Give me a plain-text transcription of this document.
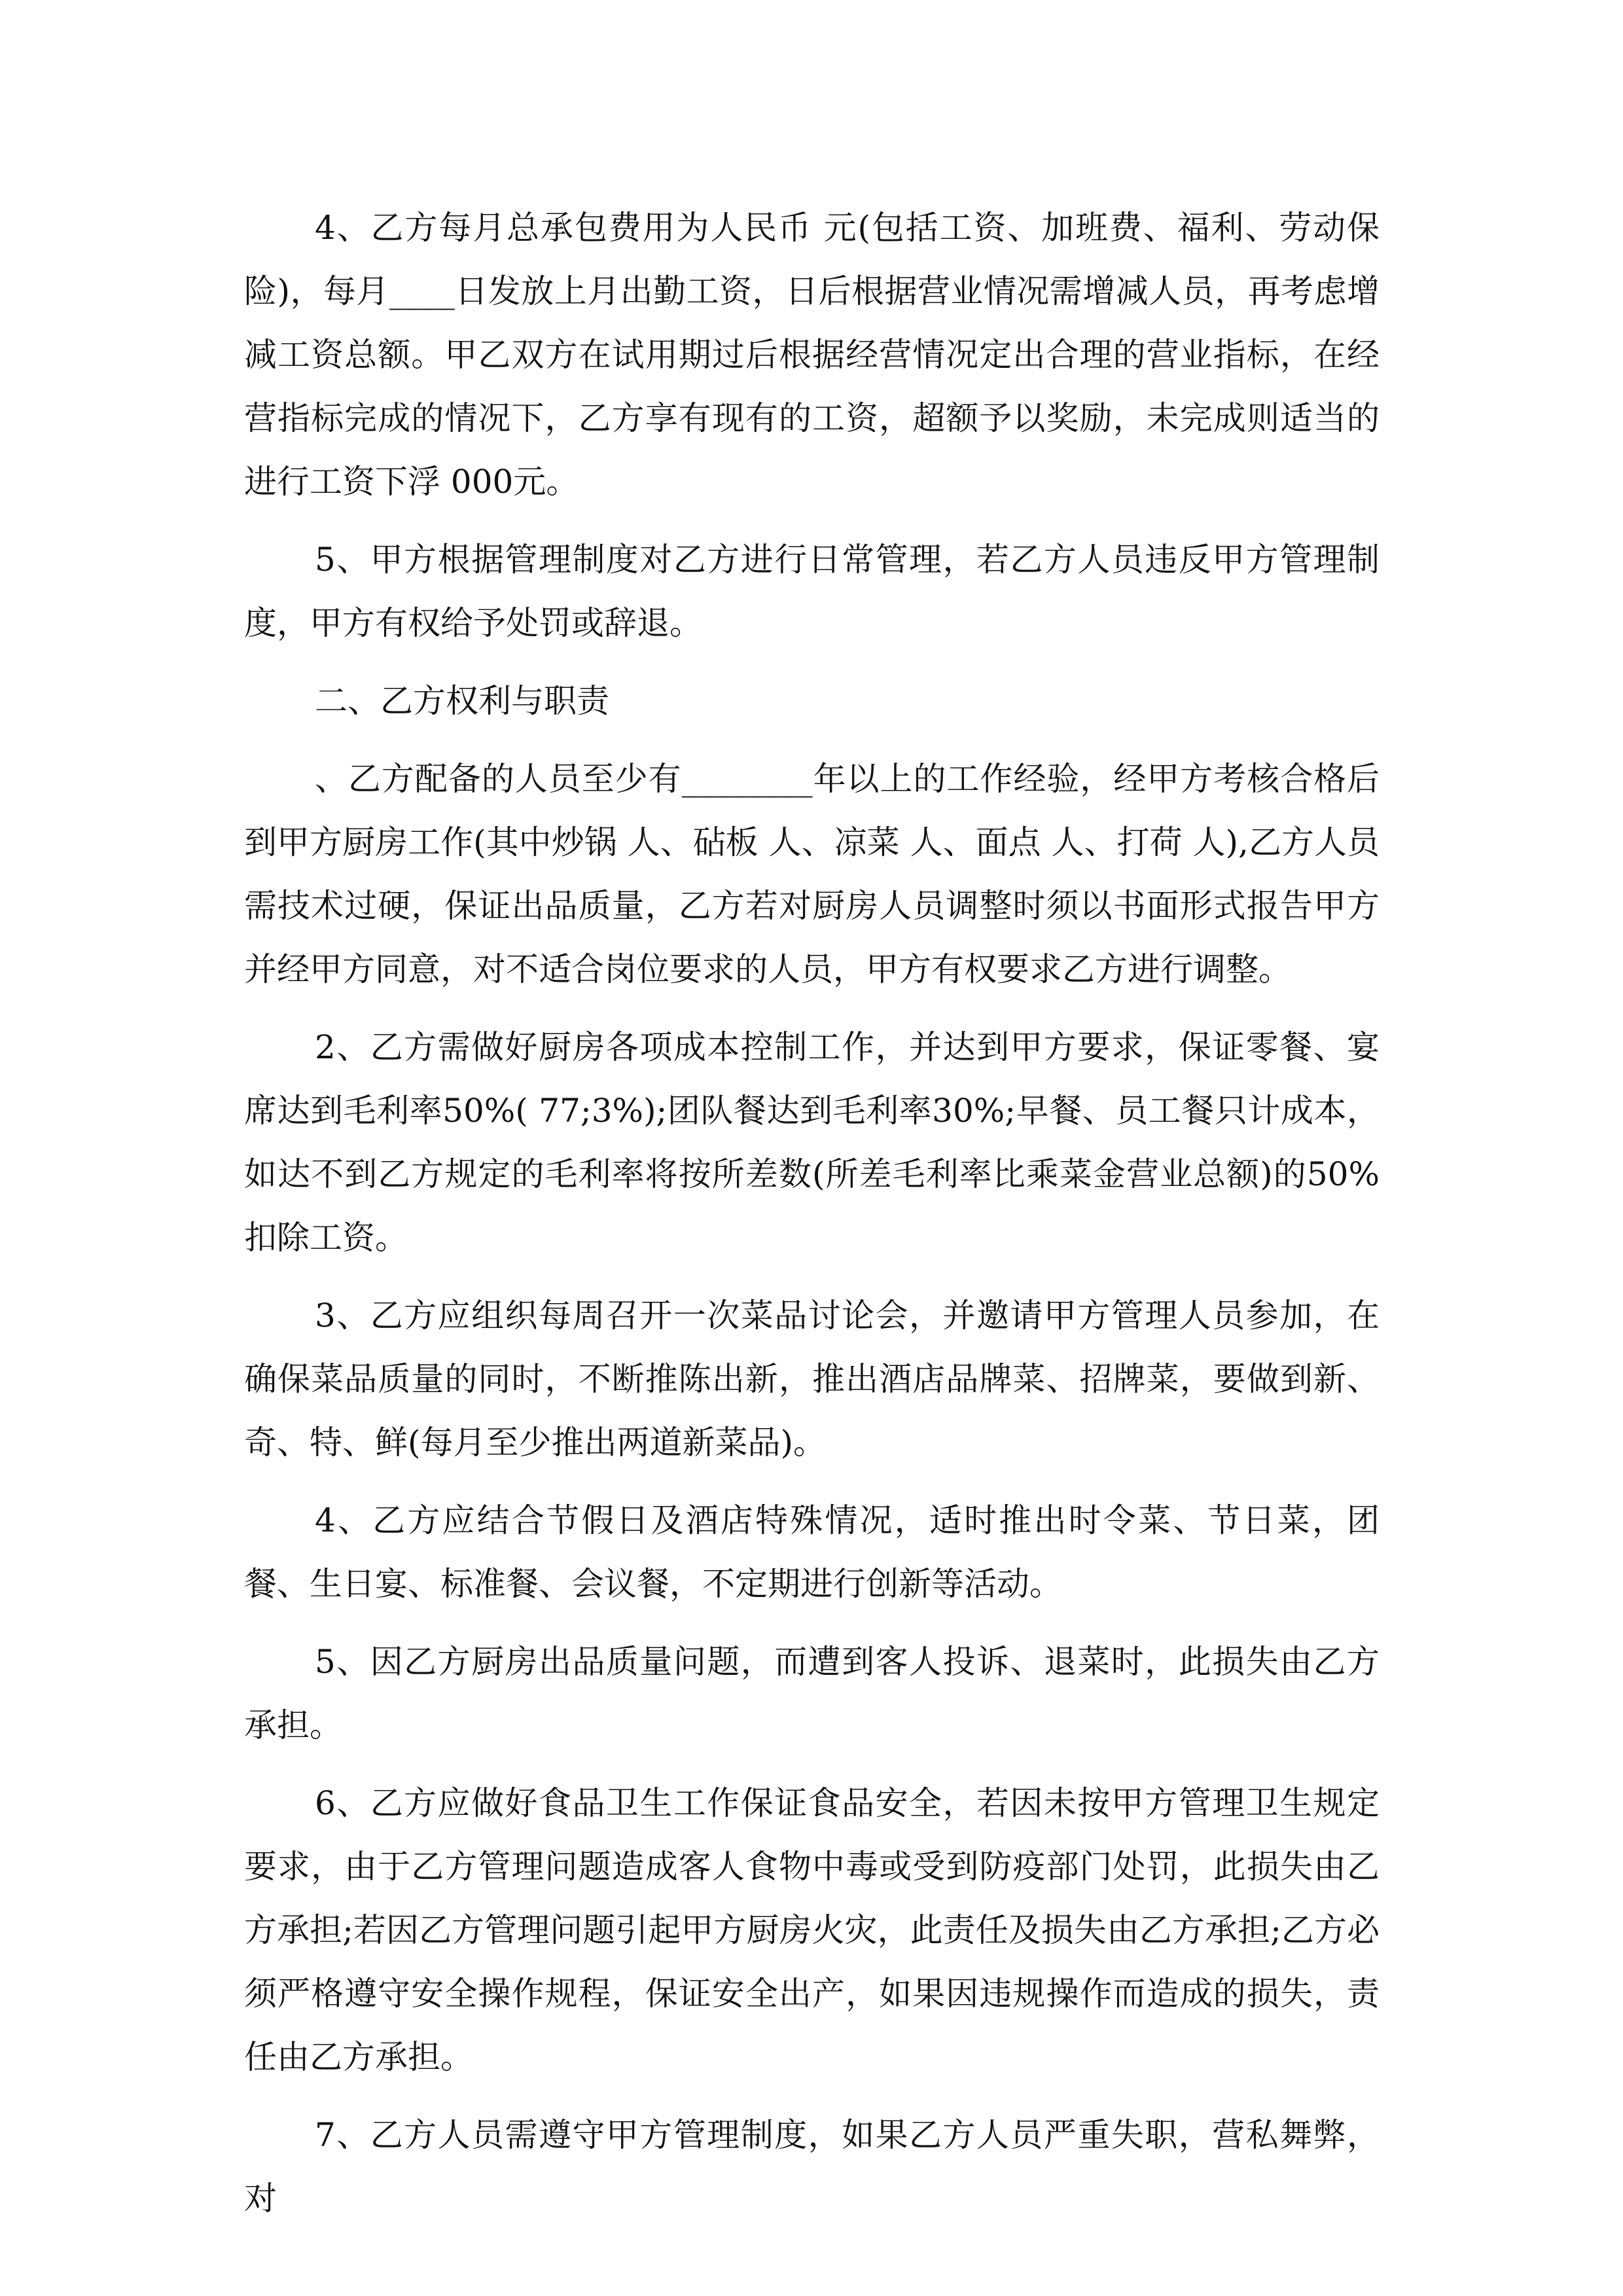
4、乙方每月总承包费用为人民币 元(包括工资、加班费、福利、劳动保险)，每月____日发放上月出勤工资，日后根据营业情况需增减人员，再考虑增减工资总额。甲乙双方在试用期过后根据经营情况定出合理的营业指标，在经营指标完成的情况下，乙方享有现有的工资，超额予以奖励，未完成则适当的进行工资下浮 000元。

5、甲方根据管理制度对乙方进行日常管理，若乙方人员违反甲方管理制度，甲方有权给予处罚或辞退。

二、乙方权利与职责

、乙方配备的人员至少有________年以上的工作经验，经甲方考核合格后到甲方厨房工作(其中炒锅 人、砧板 人、凉菜 人、面点 人、打荷 人),乙方人员需技术过硬，保证出品质量，乙方若对厨房人员调整时须以书面形式报告甲方并经甲方同意，对不适合岗位要求的人员，甲方有权要求乙方进行调整。

2、乙方需做好厨房各项成本控制工作，并达到甲方要求，保证零餐、宴席达到毛利率50%( 77;3%);团队餐达到毛利率30%;早餐、员工餐只计成本，如达不到乙方规定的毛利率将按所差数(所差毛利率比乘菜金营业总额)的50%扣除工资。

3、乙方应组织每周召开一次菜品讨论会，并邀请甲方管理人员参加，在确保菜品质量的同时，不断推陈出新，推出酒店品牌菜、招牌菜，要做到新、奇、特、鲜(每月至少推出两道新菜品)。

4、乙方应结合节假日及酒店特殊情况，适时推出时令菜、节日菜，团餐、生日宴、标准餐、会议餐，不定期进行创新等活动。

5、因乙方厨房出品质量问题，而遭到客人投诉、退菜时，此损失由乙方承担。

6、乙方应做好食品卫生工作保证食品安全，若因未按甲方管理卫生规定要求，由于乙方管理问题造成客人食物中毒或受到防疫部门处罚，此损失由乙方承担;若因乙方管理问题引起甲方厨房火灾，此责任及损失由乙方承担;乙方必须严格遵守安全操作规程，保证安全出产，如果因违规操作而造成的损失，责任由乙方承担。

7、乙方人员需遵守甲方管理制度，如果乙方人员严重失职，营私舞弊，对
